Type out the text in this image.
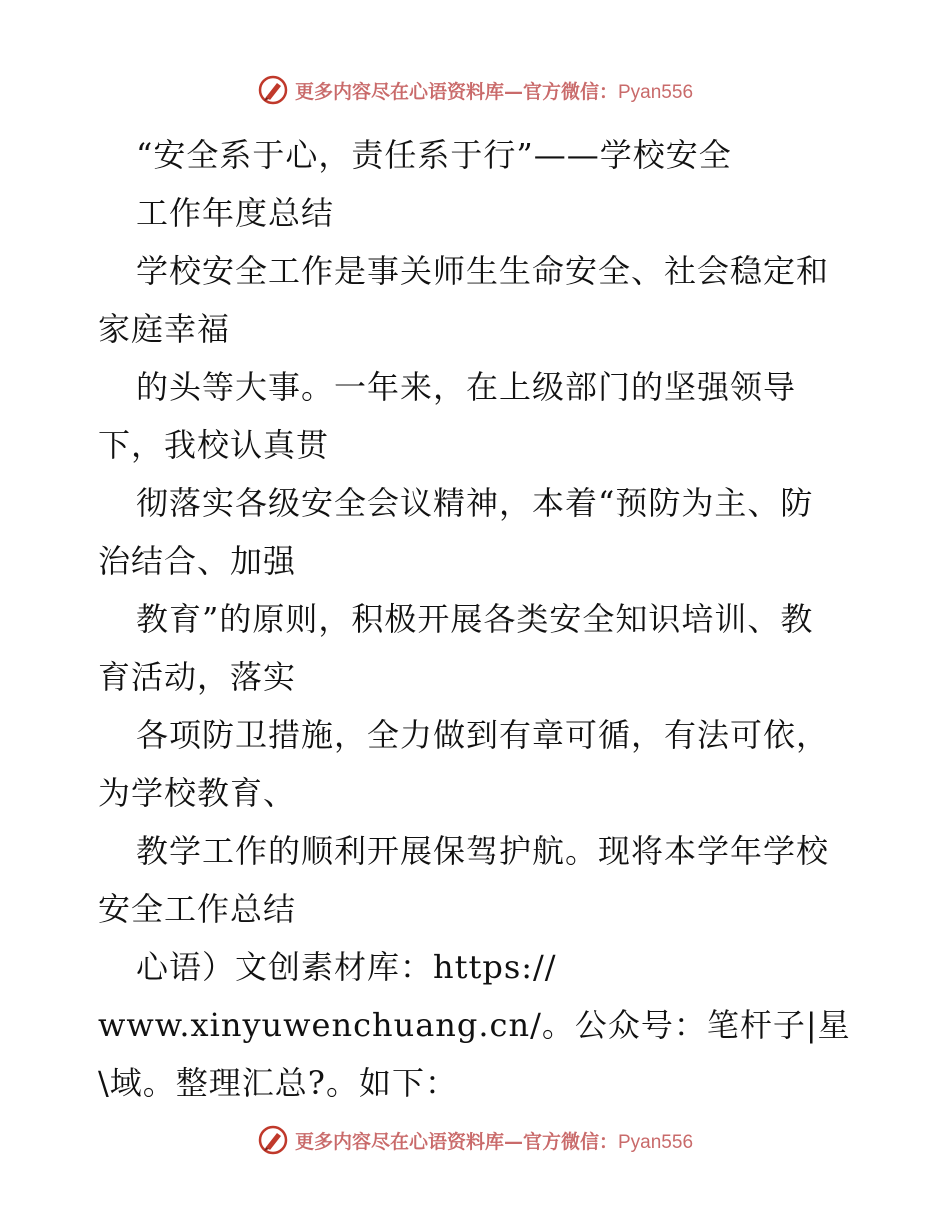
更多内容尽在心语资料库—官方微信：Pyan556
“安全系于心，责任系于行”——学校安全
工作年度总结
学校安全工作是事关师生生命安全、社会稳定和
家庭幸福
的头等大事。一年来，在上级部门的坚强领导
下，我校认真贯
彻落实各级安全会议精神，本着“预防为主、防
治结合、加强
教育”的原则，积极开展各类安全知识培训、教
育活动，落实
各项防卫措施，全力做到有章可循，有法可依，
为学校教育、
教学工作的顺利开展保驾护航。现将本学年学校
安全工作总结
心语）文创素材库：https://
www.xinyuwenchuang.cn/。公众号：笔杆子|星
\域。整理汇总?。如下：
更多内容尽在心语资料库—官方微信：Pyan556
